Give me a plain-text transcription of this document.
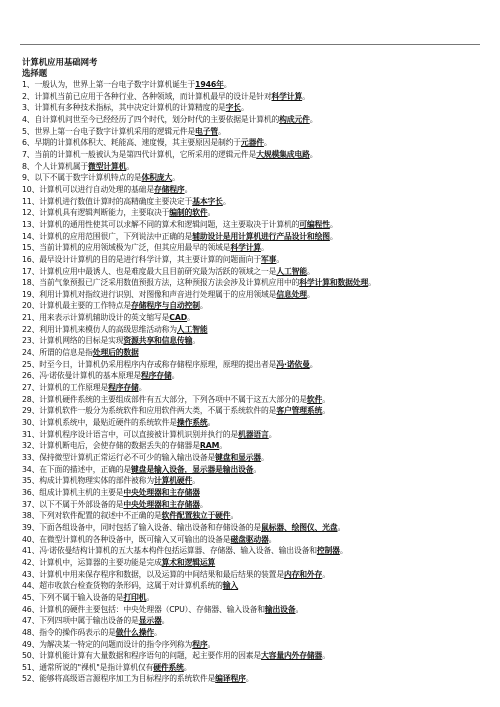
计算机应用基础网考
选择题
1、一般认为，世界上第一台电子数字计算机诞生于1946年。
2、计算机当前已应用于各种行业、各种领域，而计算机最早的设计是针对科学计算。
3、计算机有多种技术指标，其中决定计算机的计算精度的是字长。
4、自计算机问世至今已经经历了四个时代，划分时代的主要依据是计算机的构成元件。
5、世界上第一台电子数字计算机采用的逻辑元件是电子管。
6、早期的计算机体积大、耗能高、速度慢，其主要原因是制约于元器件。
7、当前的计算机一般被认为是第四代计算机，它所采用的逻辑元件是大规模集成电路。
8、个人计算机属于微型计算机。
9、以下不属于数字计算机特点的是体积庞大。
10、计算机可以进行自动处理的基础是存储程序。
11、计算机进行数值计算时的高精确度主要决定于基本字长。
12、计算机具有逻辑判断能力，主要取决于编制的软件。
13、计算机的通用性使其可以求解不同的算术和逻辑问题，这主要取决于计算机的可编程性。
14、计算机的应用范围很广，下列说法中正确的是辅助设计是用计算机进行产品设计和绘图。
15、当前计算机的应用领域极为广泛，但其应用最早的领域是科学计算。
16、最早设计计算机的目的是进行科学计算，其主要计算的问题面向于军事。
17、计算机应用中最诱人、也是难度最大且目前研究最为活跃的领域之一是人工智能。
18、当前气象预报已广泛采用数值预报方法，这种预报方法会涉及计算机应用中的科学计算和数据处理。
19、利用计算机对指纹进行识别、对图像和声音进行处理属于的应用领域是信息处理。
20、计算机最主要的工作特点是存储程序与自动控制。
21、用来表示计算机辅助设计的英文缩写是CAD。
22、利用计算机来模仿人的高级思维活动称为人工智能
23、计算机网络的目标是实现资源共享和信息传输。
24、所谓的信息是指处理后的数据
25、时至今日，计算机仍采用程序内存或称存储程序原理，原理的提出者是冯·诺依曼。
26、冯·诺依曼计算机的基本原理是程序存储。
27、计算机的工作原理是程序存储。
28、计算机硬件系统的主要组成部件有五大部分，下列各项中不属于这五大部分的是软件。
29、计算机软件一般分为系统软件和应用软件两大类，不属于系统软件的是客户管理系统。
30、计算机系统中，最贴近硬件的系统软件是操作系统。
31、计算机程序设计语言中，可以直接被计算机识别并执行的是机器语言。
32、计算机断电后，会使存储的数据丢失的存储器是RAM。
33、保持微型计算机正常运行必不可少的输入输出设备是键盘和显示器。
34、在下面的描述中，正确的是键盘是输入设备，显示器是输出设备。
35、构成计算机物理实体的部件被称为计算机硬件。
36、组成计算机主机的主要是中央处理器和主存储器
37、以下不属于外部设备的是中央处理器和主存储器。
38、下列对软件配置的叙述中不正确的是软件配置独立于硬件。
39、下面各组设备中，同时包括了输入设备、输出设备和存储设备的是鼠标器、绘图仪、光盘。
40、在微型计算机的各种设备中，既可输入又可输出的设备是磁盘驱动器。
41、冯·诺依曼结构计算机的五大基本构件包括运算器、存储器、输入设备、输出设备和控制器。
42、计算机中，运算器的主要功能是完成算术和逻辑运算
43、计算机中用来保存程序和数据，以及运算的中间结果和最后结果的装置是内存和外存。
44、超市收款台检查货物的条形码，这属于对计算机系统的输入
45、下列不属于输入设备的是打印机。
46、计算机的硬件主要包括：中央处理器（CPU）、存储器、输入设备和输出设备。
47、下列四项中属于输出设备的是显示器。
48、指令的操作码表示的是做什么操作。
49、为解决某一特定的问题而设计的指令序列称为程序。
50、计算机能计算有大量数据和程序语句的问题，起主要作用的因素是大容量内外存储器。
51、通常所说的"裸机"是指计算机仅有硬件系统。
52、能够将高级语言源程序加工为目标程序的系统软件是编译程序。
